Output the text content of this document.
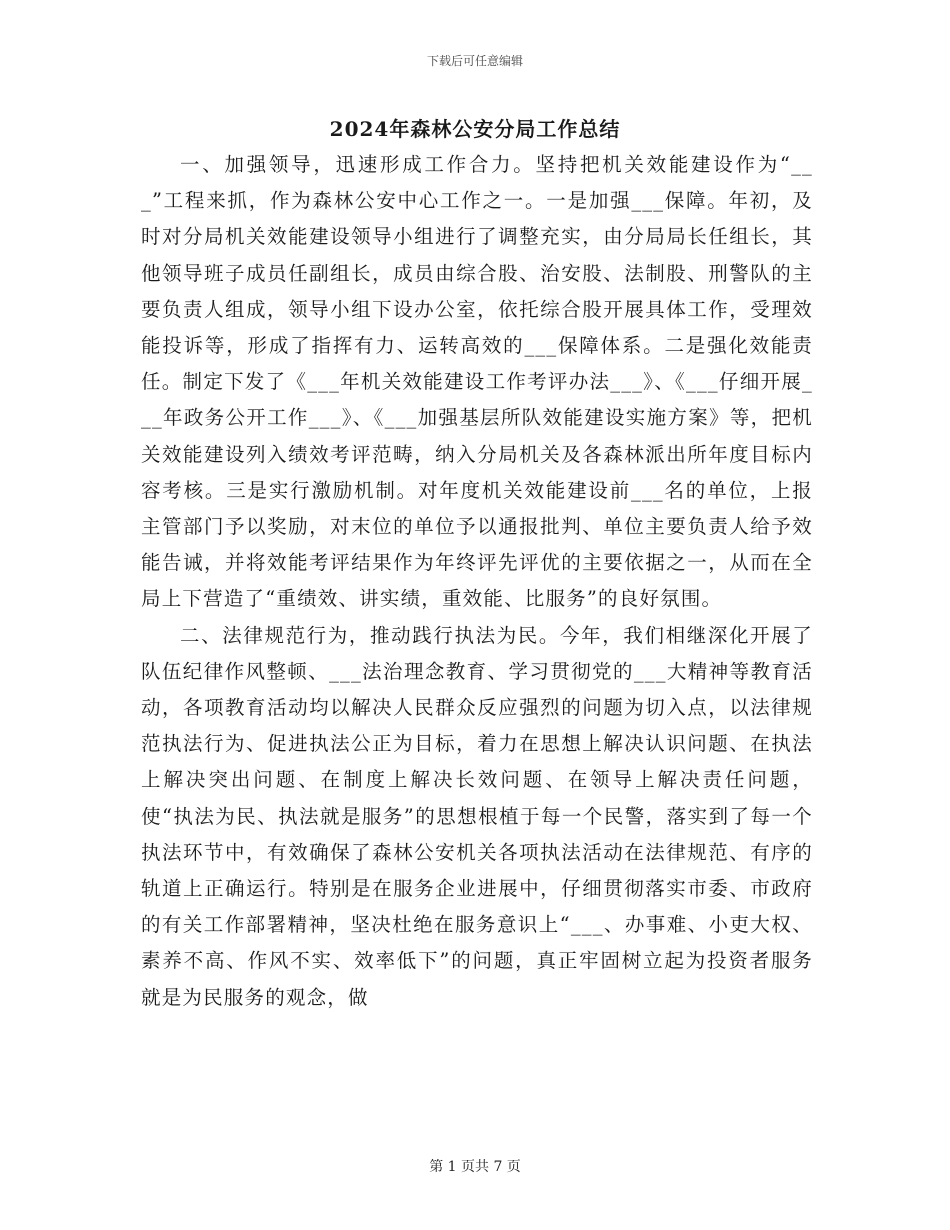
下载后可任意编辑
2024年森林公安分局工作总结

一、加强领导，迅速形成工作合力。坚持把机关效能建设作为“___”工程来抓，作为森林公安中心工作之一。一是加强___保障。年初，及时对分局机关效能建设领导小组进行了调整充实，由分局局长任组长，其他领导班子成员任副组长，成员由综合股、治安股、法制股、刑警队的主要负责人组成，领导小组下设办公室，依托综合股开展具体工作，受理效能投诉等，形成了指挥有力、运转高效的___保障体系。二是强化效能责任。制定下发了《___年机关效能建设工作考评办法___》、《___仔细开展___年政务公开工作___》、《___加强基层所队效能建设实施方案》等，把机关效能建设列入绩效考评范畴，纳入分局机关及各森林派出所年度目标内容考核。三是实行激励机制。对年度机关效能建设前___名的单位，上报主管部门予以奖励，对末位的单位予以通报批判、单位主要负责人给予效能告诫，并将效能考评结果作为年终评先评优的主要依据之一，从而在全局上下营造了“重绩效、讲实绩，重效能、比服务”的良好氛围。

二、法律规范行为，推动践行执法为民。今年，我们相继深化开展了队伍纪律作风整顿、___法治理念教育、学习贯彻党的___大精神等教育活动，各项教育活动均以解决人民群众反应强烈的问题为切入点，以法律规范执法行为、促进执法公正为目标，着力在思想上解决认识问题、在执法上解决突出问题、在制度上解决长效问题、在领导上解决责任问题，使“执法为民、执法就是服务”的思想根植于每一个民警，落实到了每一个执法环节中，有效确保了森林公安机关各项执法活动在法律规范、有序的轨道上正确运行。特别是在服务企业进展中，仔细贯彻落实市委、市政府的有关工作部署精神，坚决杜绝在服务意识上“___、办事难、小吏大权、素养不高、作风不实、效率低下”的问题，真正牢固树立起为投资者服务就是为民服务的观念，做

第 1 页共 7 页
